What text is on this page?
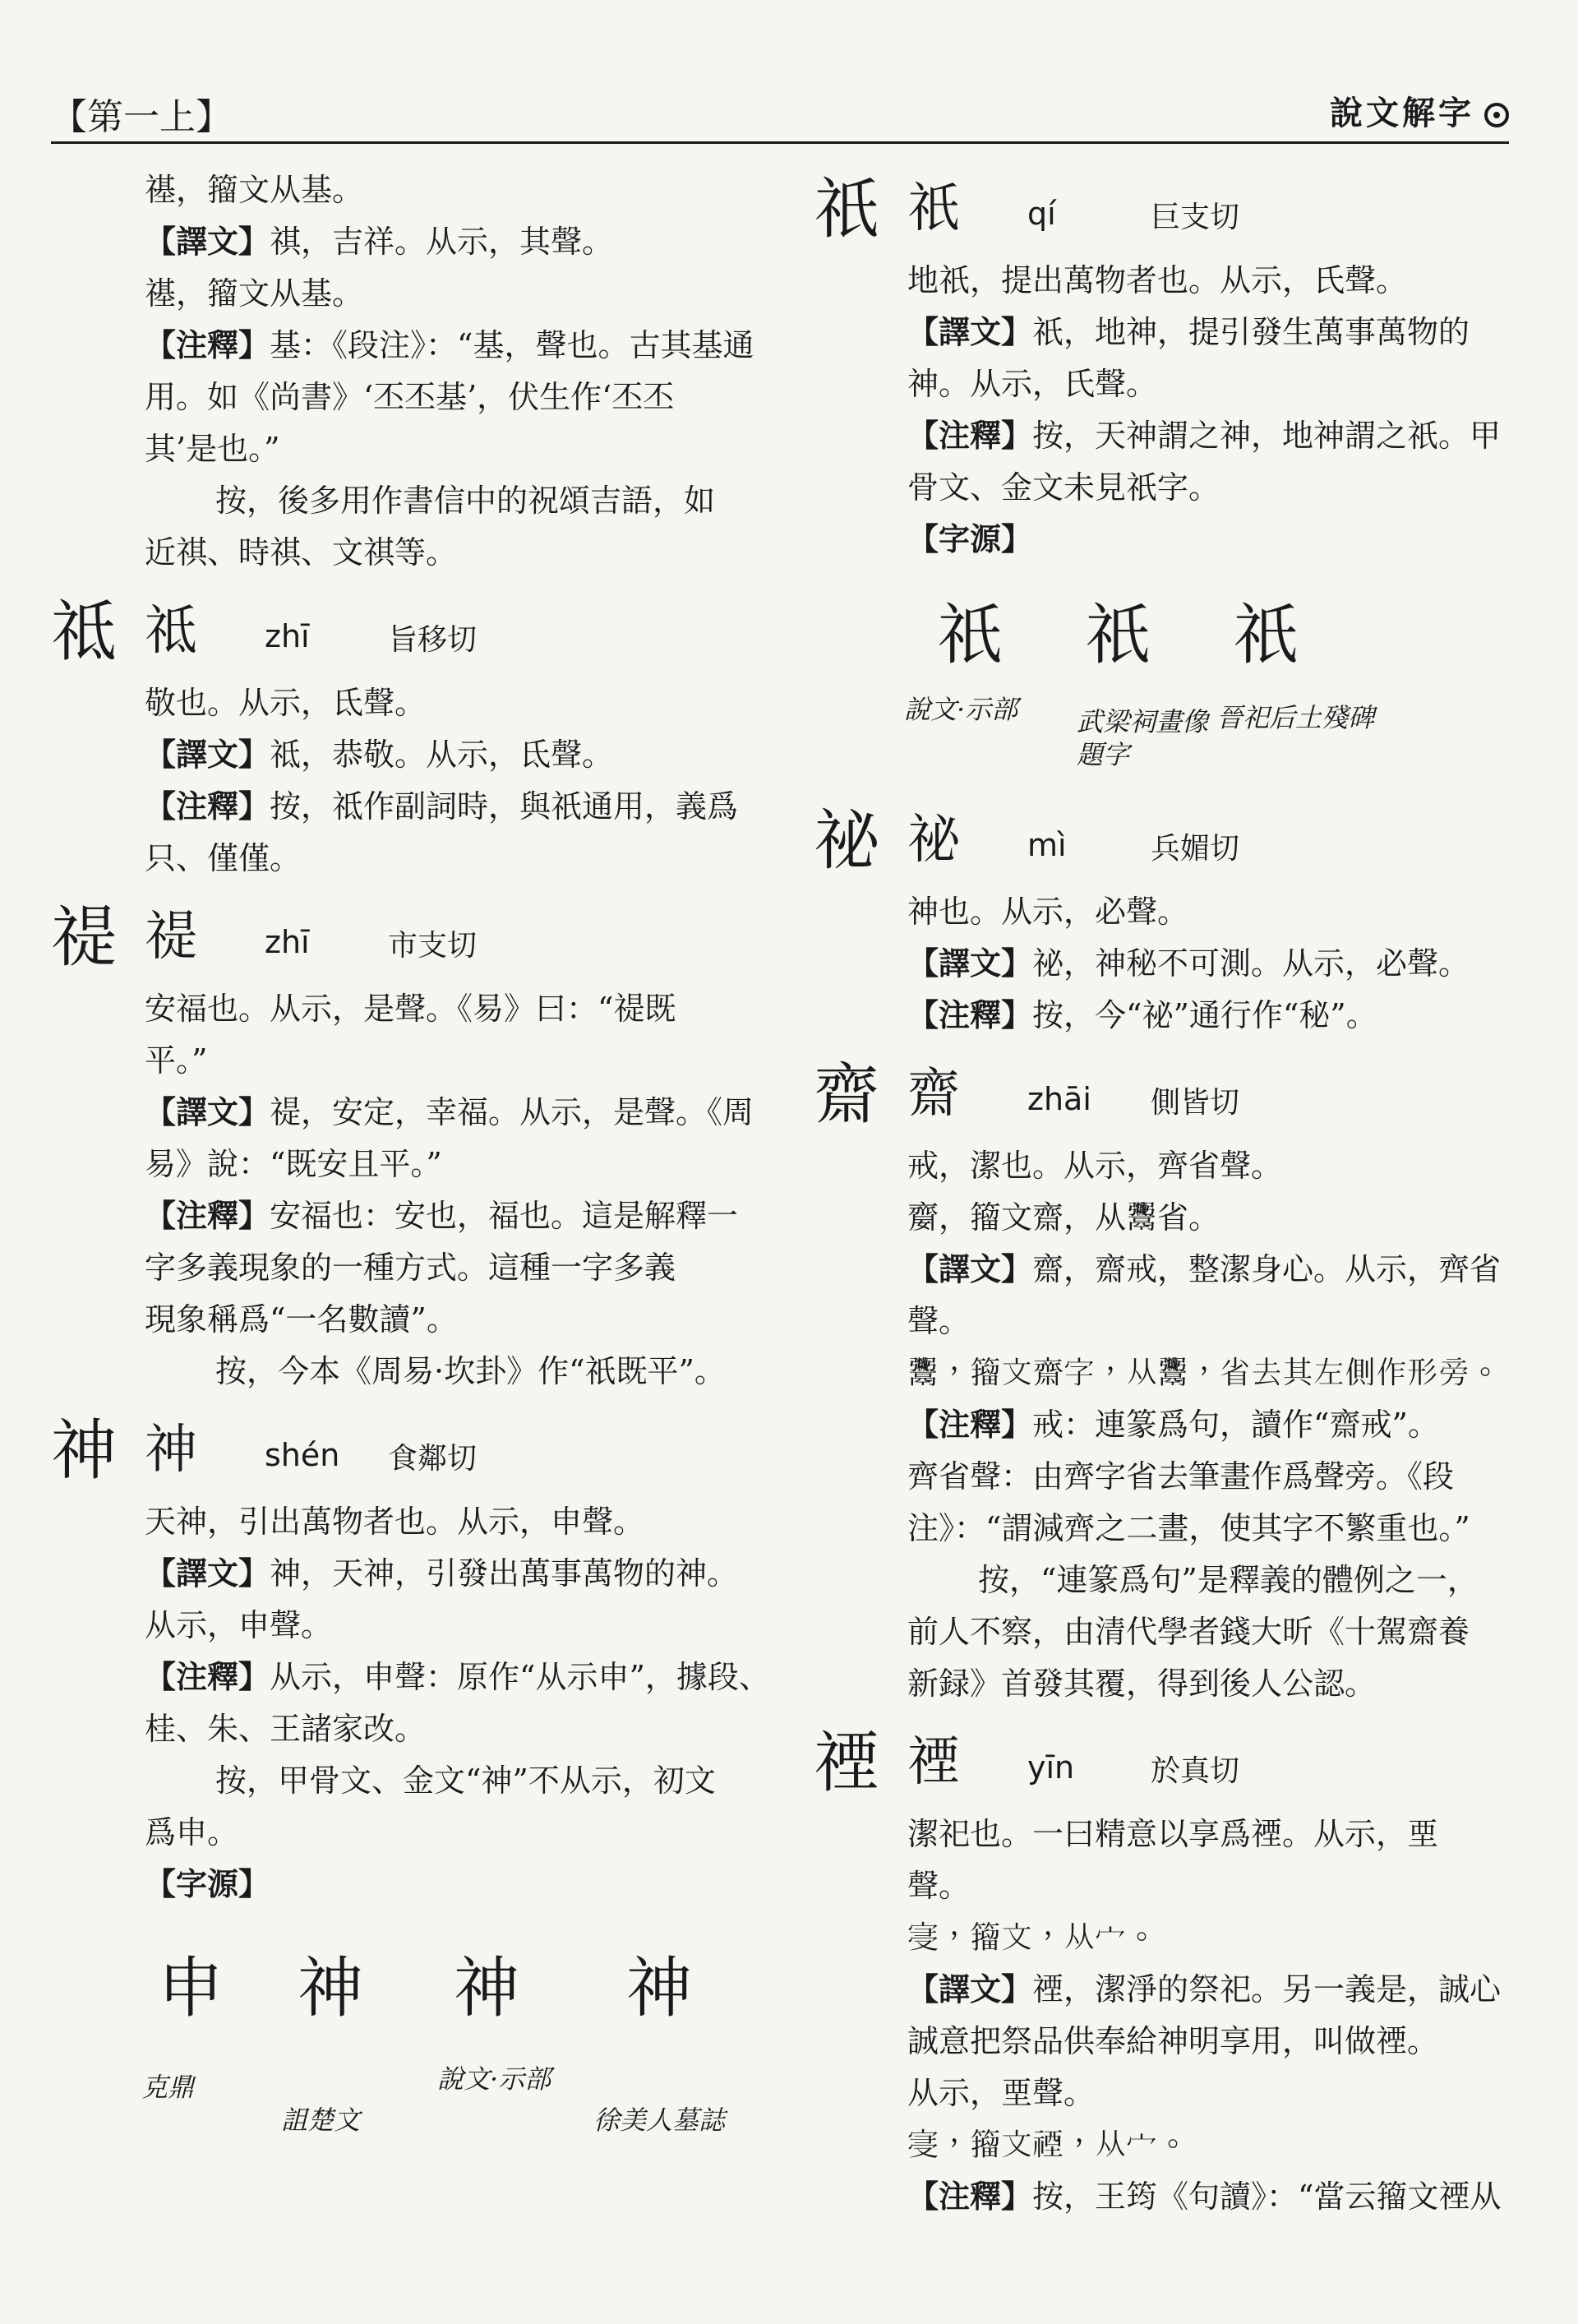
【第一上】	說文解字
禥，籀文从基。
【譯文】祺，吉祥。从示，其聲。
禥，籀文从基。
【注釋】基：《段注》：“基，聲也。古其基通
用。如《尚書》‘丕丕基’，伏生作‘丕丕
其’是也。”
按，後多用作書信中的祝頌吉語，如
近祺、時祺、文祺等。
祗 祗 zhī	旨移切
敬也。从示，氐聲。
【譯文】祗，恭敬。从示，氐聲。
【注釋】按，祗作副詞時，與祇通用，義爲
只、僅僅。
禔 禔 zhī	市支切
安福也。从示，是聲。《易》曰：“禔既
平。”
【譯文】禔，安定，幸福。从示，是聲。《周
易》說：“既安且平。”
【注釋】安福也：安也，福也。這是解釋一
字多義現象的一種方式。這種一字多義
現象稱爲“一名數讀”。
按，今本《周易·坎卦》作“祇既平”。
神 神 shén 食鄰切
天神，引出萬物者也。从示，申聲。
【譯文】神，天神，引發出萬事萬物的神。
从示，申聲。
【注釋】从示，申聲：原作“从示申”，據段、
桂、朱、王諸家改。
按，甲骨文、金文“神”不从示，初文
爲申。
【字源】
申
克鼎
神
詛楚文
神
說文·示部
神
徐美人墓誌
祇 祇 qí	巨支切
地祇，提出萬物者也。从示，氏聲。
【譯文】祇，地神，提引發生萬事萬物的
神。从示，氏聲。
【注釋】按，天神謂之神，地神謂之祇。甲
骨文、金文未見祇字。
【字源】
祇
說文·示部
祇
武梁祠畫像題字
祇
晉祀后土殘碑
祕 祕 mì	兵媚切
神也。从示，必聲。
【譯文】祕，神秘不可測。从示，必聲。
【注釋】按，今“祕”通行作“秘”。
齋 齋 zhāi 側皆切
戒，潔也。从示，齊省聲。
䶒，籀文齋，从𩱷省。
【譯文】齋，齋戒，整潔身心。从示，齊省
聲。
𩱷，籀文齋字，从𩱷，省去其左側作形旁。
【注釋】戒：連篆爲句，讀作“齋戒”。
齊省聲：由齊字省去筆畫作爲聲旁。《段
注》：“謂減齊之二畫，使其字不繁重也。”
按，“連篆爲句”是釋義的體例之一，
前人不察，由清代學者錢大昕《十駕齋養
新録》首發其覆，得到後人公認。
禋 禋 yīn	於真切
潔祀也。一曰精意以享爲禋。从示，垔
聲。
𡨞，籀文，从宀。
【譯文】禋，潔淨的祭祀。另一義是，誠心
誠意把祭品供奉給神明享用，叫做禋。
从示，垔聲。
𡨞，籀文禋，从宀。
【注釋】按，王筠《句讀》：“當云籀文禋从
